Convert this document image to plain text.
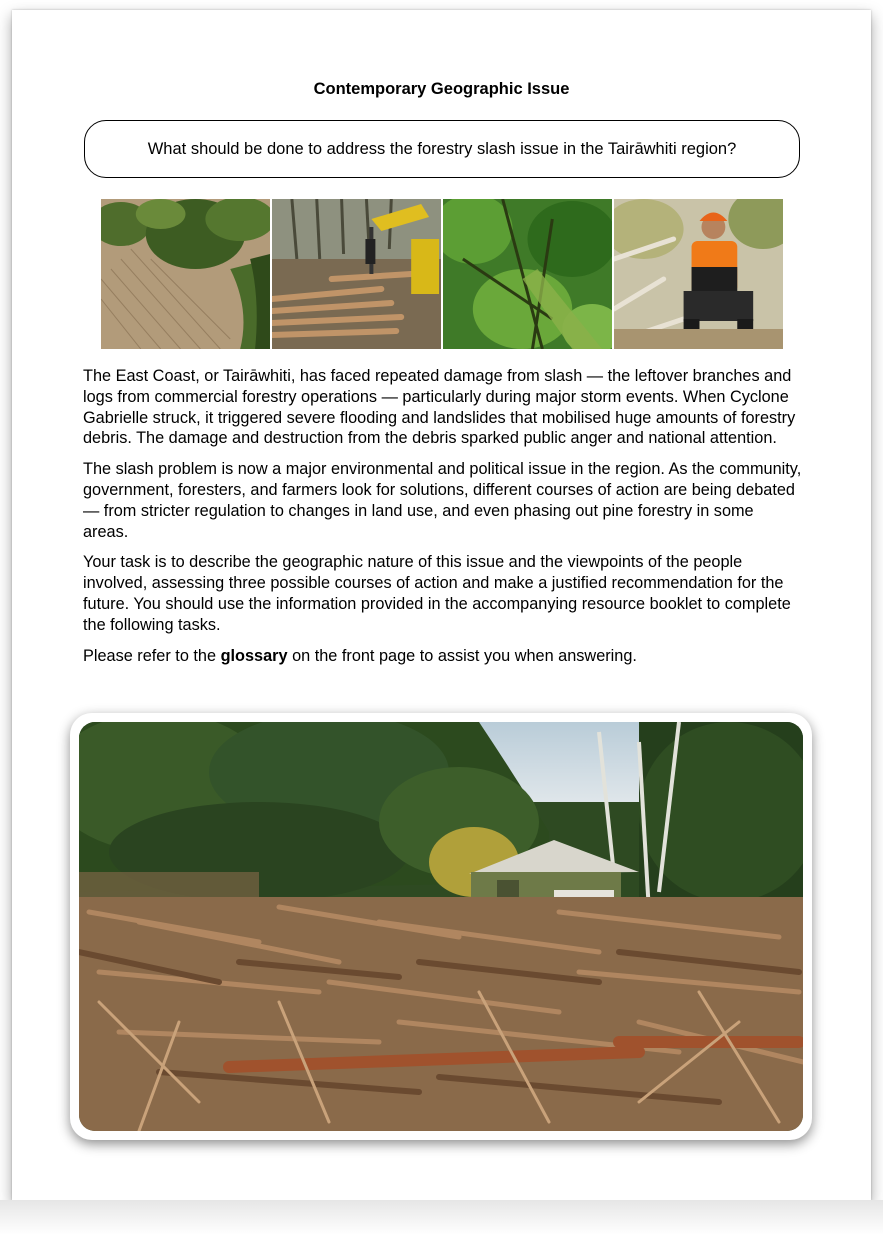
Contemporary Geographic Issue
What should be done to address the forestry slash issue in the Tairāwhiti region?

The East Coast, or Tairāwhiti, has faced repeated damage from slash — the leftover branches and logs from commercial forestry operations — particularly during major storm events. When Cyclone Gabrielle struck, it triggered severe flooding and landslides that mobilised huge amounts of forestry debris. The damage and destruction from the debris sparked public anger and national attention.

The slash problem is now a major environmental and political issue in the region. As the community, government, foresters, and farmers look for solutions, different courses of action are being debated — from stricter regulation to changes in land use, and even phasing out pine forestry in some areas.

Your task is to describe the geographic nature of this issue and the viewpoints of the people involved, assessing three possible courses of action and make a justified recommendation for the future. You should use the information provided in the accompanying resource booklet to complete the following tasks.

Please refer to the glossary on the front page to assist you when answering.
